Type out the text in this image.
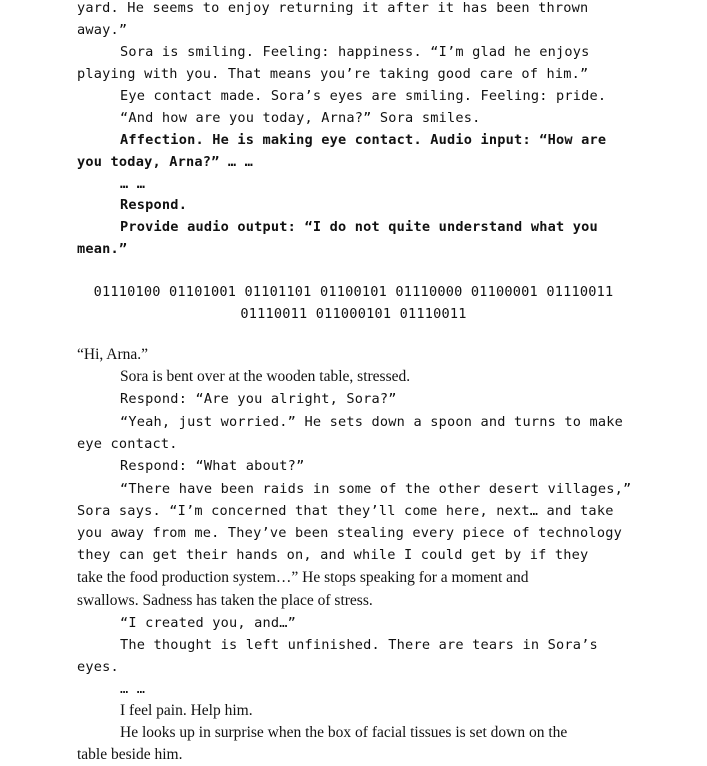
yard. He seems to enjoy returning it after it has been thrown
away.”
Sora is smiling. Feeling: happiness. “I’m glad he enjoys
playing with you. That means you’re taking good care of him.”
Eye contact made. Sora’s eyes are smiling. Feeling: pride.
“And how are you today, Arna?” Sora smiles.
Affection. He is making eye contact. Audio input: “How are
you today, Arna?” … …
… …
Respond.
Provide audio output: “I do not quite understand what you
mean.”
01110100 01101001 01101101 01100101 01110000 01100001 01110011
01110011 011000101 01110011
“Hi, Arna.”
Sora is bent over at the wooden table, stressed.
Respond: “Are you alright, Sora?”
“Yeah, just worried.” He sets down a spoon and turns to make
eye contact.
Respond: “What about?”
“There have been raids in some of the other desert villages,”
Sora says. “I’m concerned that they’ll come here, next… and take
you away from me. They’ve been stealing every piece of technology
they can get their hands on, and while I could get by if they
take the food production system…” He stops speaking for a moment and
swallows. Sadness has taken the place of stress.
“I created you, and…”
The thought is left unfinished. There are tears in Sora’s
eyes.
… …
I feel pain. Help him.
He looks up in surprise when the box of facial tissues is set down on the
table beside him.
